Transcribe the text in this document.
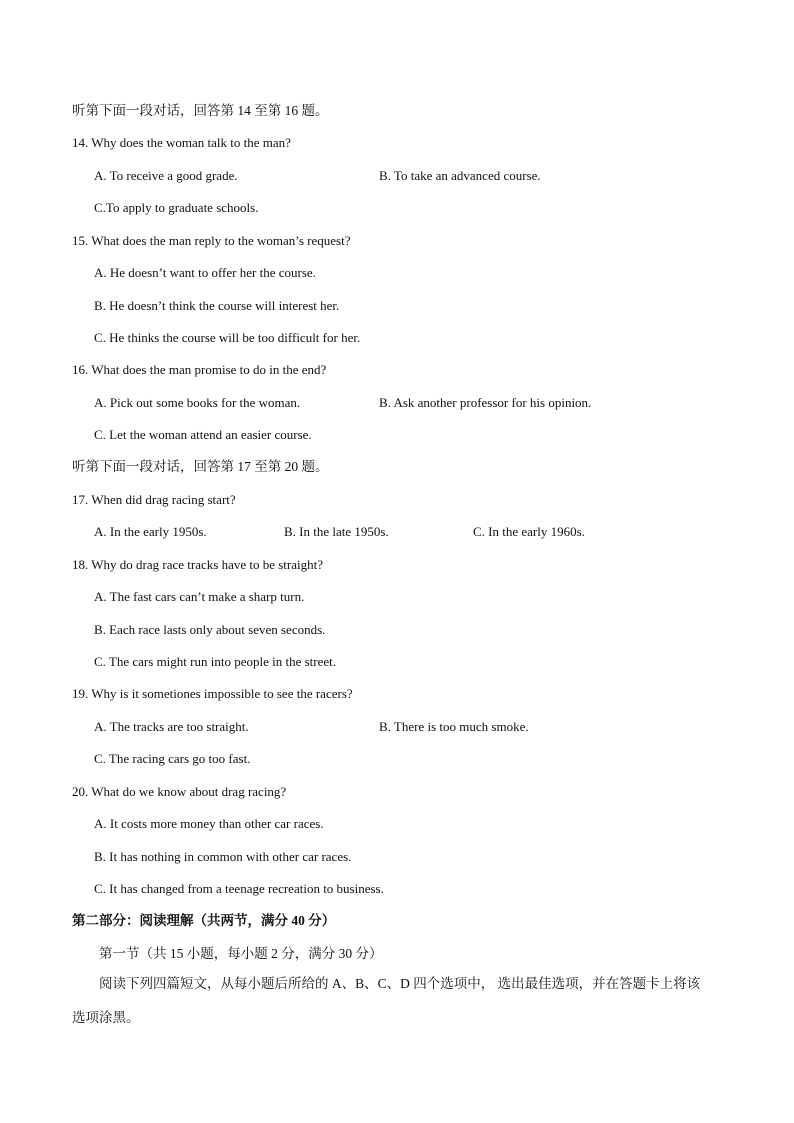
听第下面一段对话，回答第 14 至第 16 题。
14. Why does the woman talk to the man?
A. To receive a good grade.	B. To take an advanced course.
C.To apply to graduate schools.
15. What does the man reply to the woman’s request?
A. He doesn’t want to offer her the course.
B. He doesn’t think the course will interest her.
C. He thinks the course will be too difficult for her.
16. What does the man promise to do in the end?
A. Pick out some books for the woman.	B. Ask another professor for his opinion.
C. Let the woman attend an easier course.
听第下面一段对话，回答第 17 至第 20 题。
17. When did drag racing start?
A. In the early 1950s.	B. In the late 1950s.	C. In the early 1960s.
18. Why do drag race tracks have to be straight?
A. The fast cars can’t make a sharp turn.
B. Each race lasts only about seven seconds.
C. The cars might run into people in the street.
19. Why is it sometiones impossible to see the racers?
A. The tracks are too straight.	B. There is too much smoke.
C. The racing cars go too fast.
20. What do we know about drag racing?
A. It costs more money than other car races.
B. It has nothing in common with other car races.
C. It has changed from a teenage recreation to business.
第二部分：阅读理解（共两节，满分 40 分）
第一节（共 15 小题，每小题 2 分，满分 30 分）
阅读下列四篇短文，从每小题后所给的 A、B、C、D 四个选项中， 选出最佳选项，并在答题卡上将该
选项涂黑。
